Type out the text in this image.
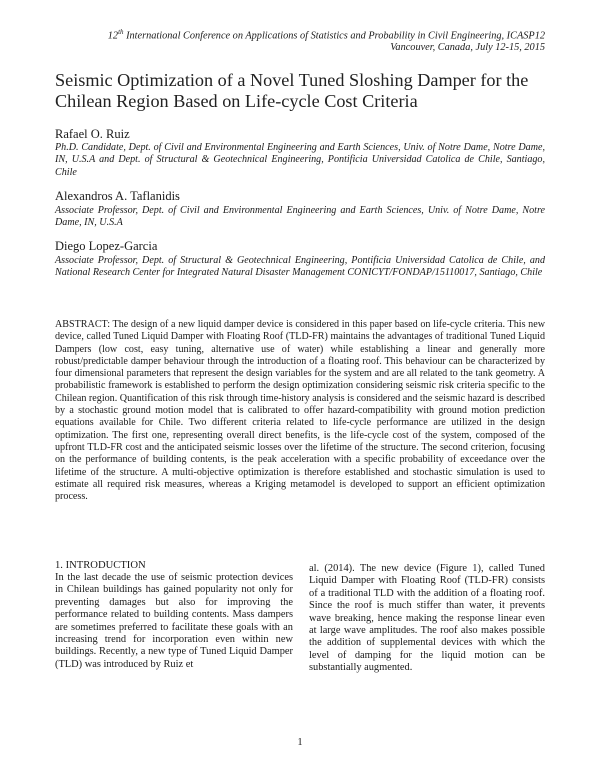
12th International Conference on Applications of Statistics and Probability in Civil Engineering, ICASP12
Vancouver, Canada, July 12-15, 2015
Seismic Optimization of a Novel Tuned Sloshing Damper for the Chilean Region Based on Life-cycle Cost Criteria
Rafael O. Ruiz
Ph.D. Candidate, Dept. of Civil and Environmental Engineering and Earth Sciences, Univ. of Notre Dame, Notre Dame, IN, U.S.A and Dept. of Structural & Geotechnical Engineering, Pontificia Universidad Catolica de Chile, Santiago, Chile
Alexandros A. Taflanidis
Associate Professor, Dept. of Civil and Environmental Engineering and Earth Sciences, Univ. of Notre Dame, Notre Dame, IN, U.S.A
Diego Lopez-Garcia
Associate Professor, Dept. of Structural & Geotechnical Engineering, Pontificia Universidad Catolica de Chile, and National Research Center for Integrated Natural Disaster Management CONICYT/FONDAP/15110017, Santiago, Chile
ABSTRACT: The design of a new liquid damper device is considered in this paper based on life-cycle criteria. This new device, called Tuned Liquid Damper with Floating Roof (TLD-FR) maintains the advantages of traditional Tuned Liquid Dampers (low cost, easy tuning, alternative use of water) while establishing a linear and generally more robust/predictable damper behaviour through the introduction of a floating roof. This behaviour can be characterized by four dimensional parameters that represent the design variables for the system and are all related to the tank geometry. A probabilistic framework is established to perform the design optimization considering seismic risk criteria specific to the Chilean region. Quantification of this risk through time-history analysis is considered and the seismic hazard is described by a stochastic ground motion model that is calibrated to offer hazard-compatibility with ground motion prediction equations available for Chile. Two different criteria related to life-cycle performance are utilized in the design optimization. The first one, representing overall direct benefits, is the life-cycle cost of the system, composed of the upfront TLD-FR cost and the anticipated seismic losses over the lifetime of the structure. The second criterion, focusing on the performance of building contents, is the peak acceleration with a specific probability of exceedance over the lifetime of the structure. A multi-objective optimization is therefore established and stochastic simulation is used to estimate all required risk measures, whereas a Kriging metamodel is developed to support an efficient optimization process.
1. INTRODUCTION
In the last decade the use of seismic protection devices in Chilean buildings has gained popularity not only for preventing damages but also for improving the performance related to building contents. Mass dampers are sometimes preferred to facilitate these goals with an increasing trend for incorporation even within new buildings. Recently, a new type of Tuned Liquid Damper (TLD) was introduced by Ruiz et
al. (2014). The new device (Figure 1), called Tuned Liquid Damper with Floating Roof (TLD-FR) consists of a traditional TLD with the addition of a floating roof. Since the roof is much stiffer than water, it prevents wave breaking, hence making the response linear even at large wave amplitudes. The roof also makes possible the addition of supplemental devices with which the level of damping for the liquid motion can be substantially augmented.
1
